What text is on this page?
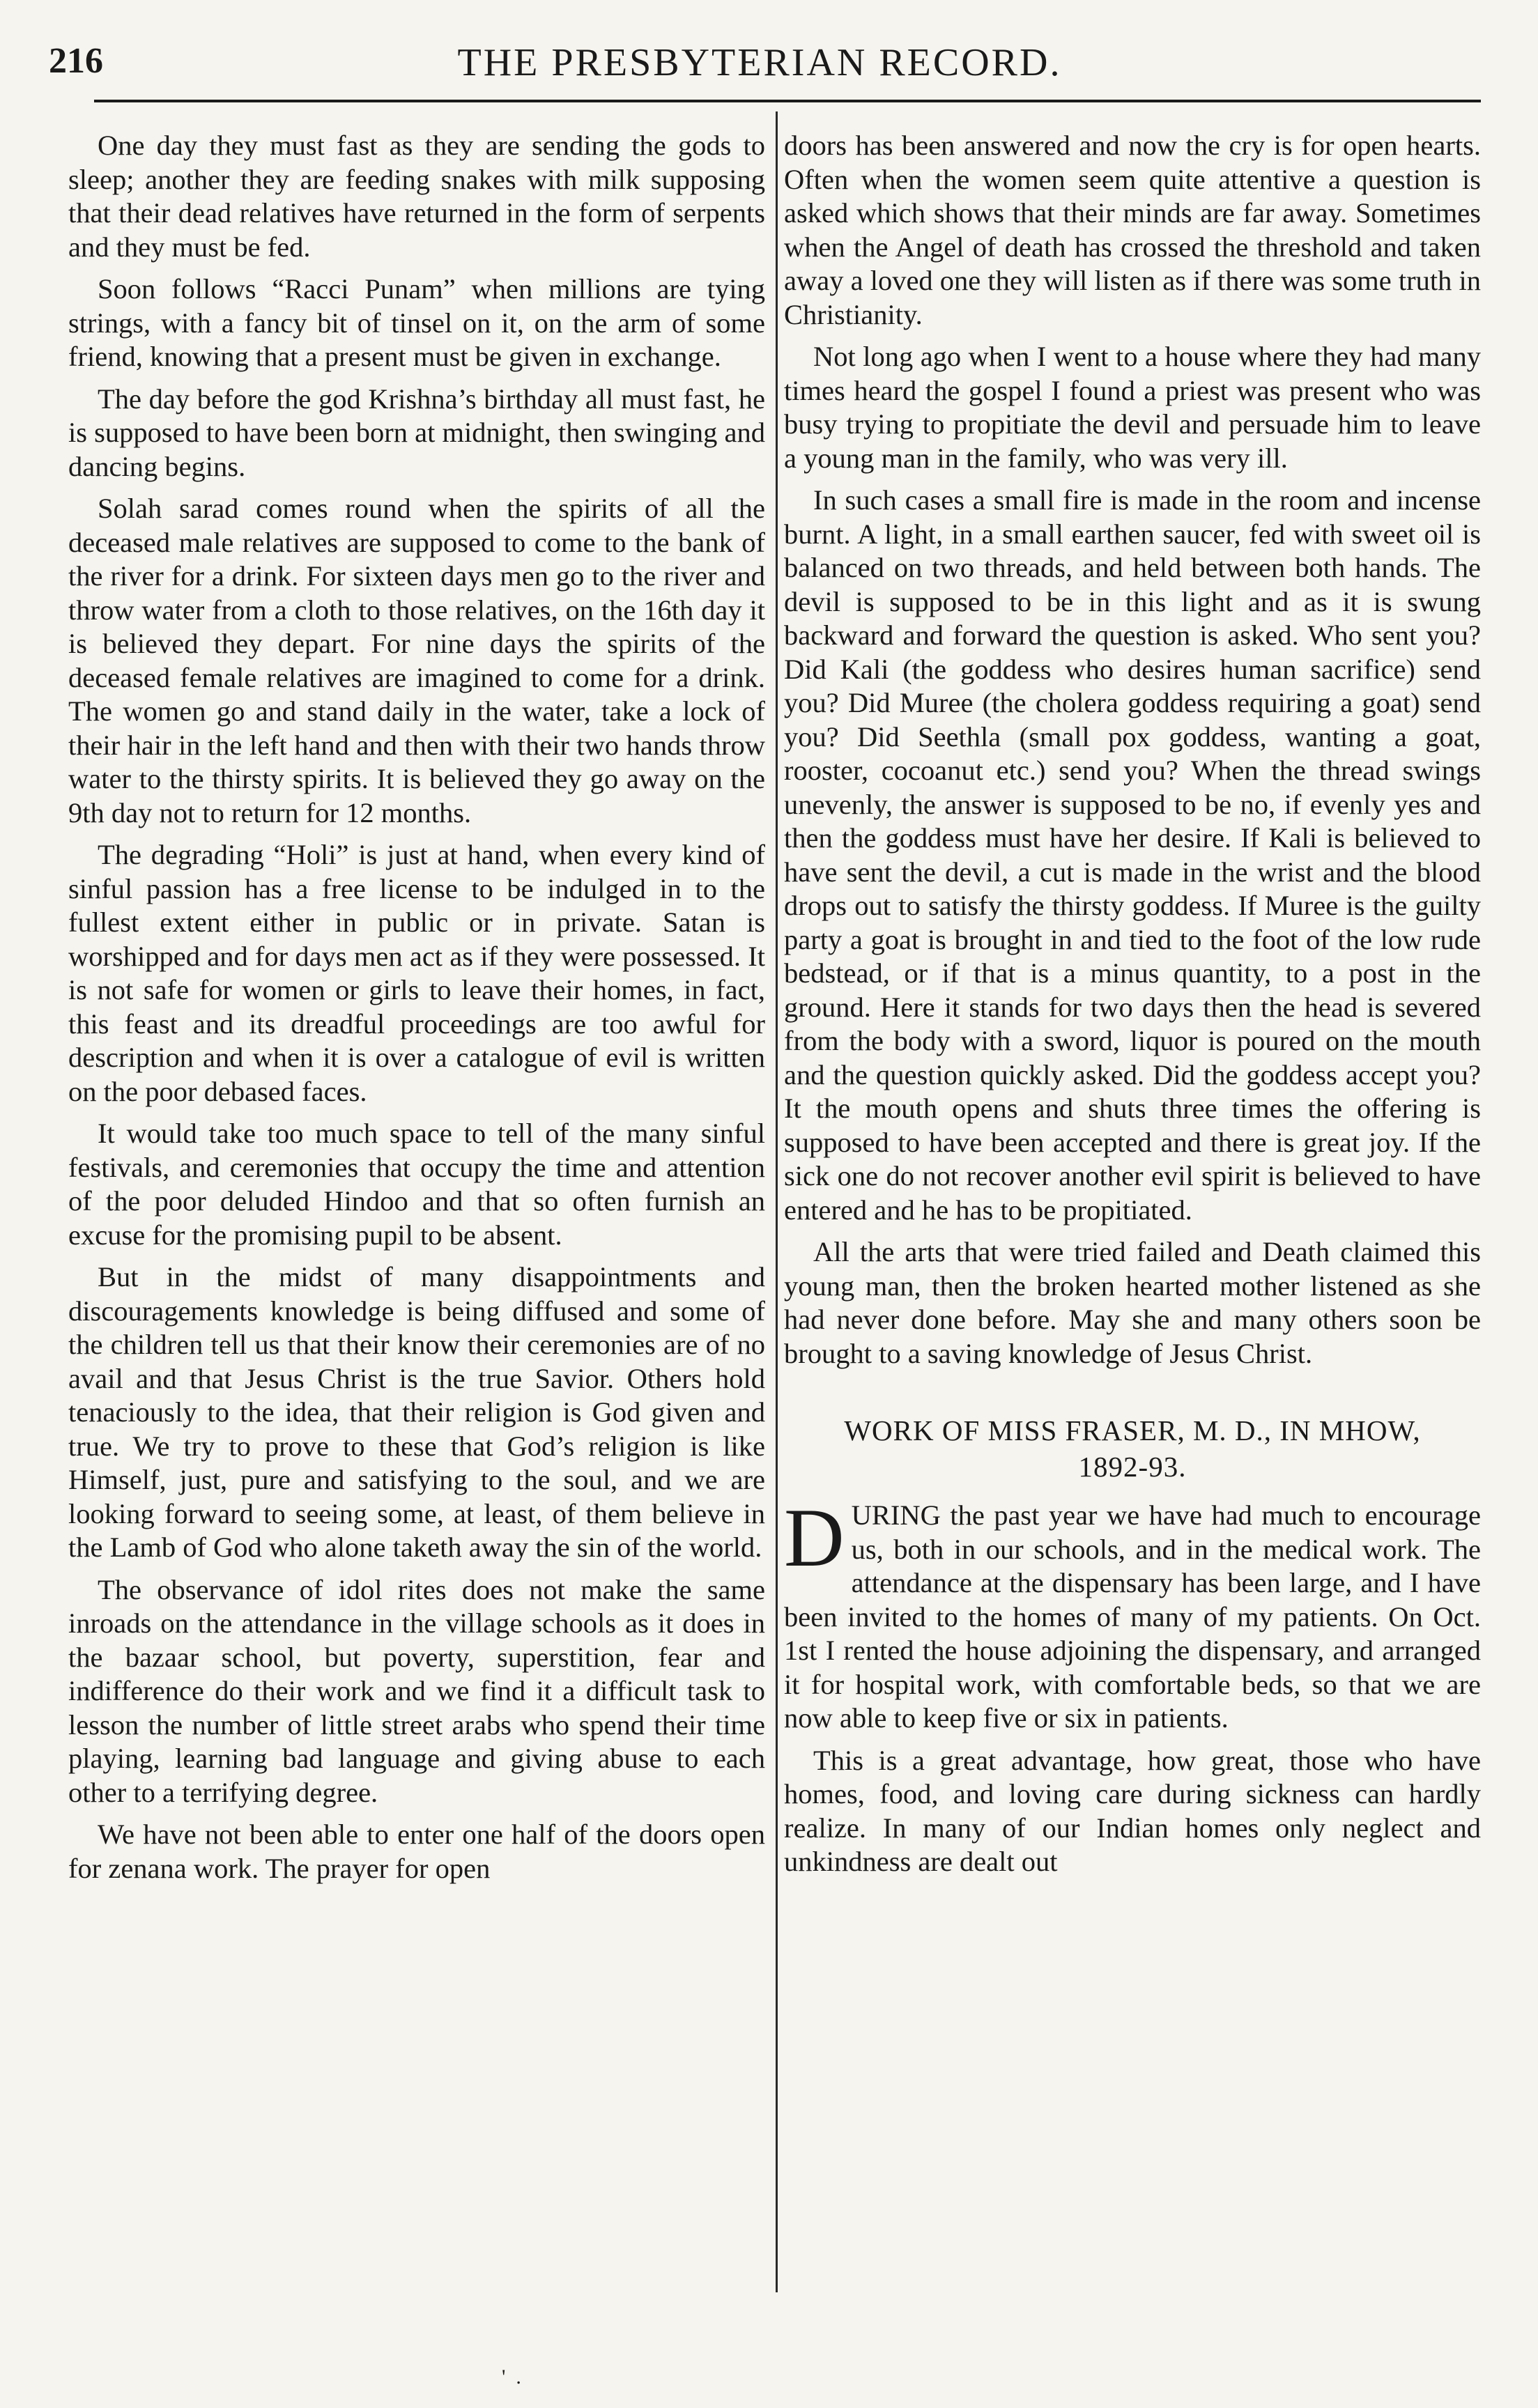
216	THE PRESBYTERIAN RECORD.

One day they must fast as they are sending the gods to sleep; another they are feeding snakes with milk supposing that their dead relatives have returned in the form of serpents and they must be fed.

Soon follows “Racci Punam” when millions are tying strings, with a fancy bit of tinsel on it, on the arm of some friend, knowing that a present must be given in exchange.

The day before the god Krishna’s birthday all must fast, he is supposed to have been born at midnight, then swinging and dancing begins.

Solah sarad comes round when the spirits of all the deceased male relatives are supposed to come to the bank of the river for a drink. For sixteen days men go to the river and throw water from a cloth to those relatives, on the 16th day it is believed they depart. For nine days the spirits of the deceased female relatives are imagined to come for a drink. The women go and stand daily in the water, take a lock of their hair in the left hand and then with their two hands throw water to the thirsty spirits. It is believed they go away on the 9th day not to return for 12 months.

The degrading “Holi” is just at hand, when every kind of sinful passion has a free license to be indulged in to the fullest extent either in public or in private. Satan is worshipped and for days men act as if they were possessed. It is not safe for women or girls to leave their homes, in fact, this feast and its dreadful proceedings are too awful for description and when it is over a catalogue of evil is written on the poor debased faces.

It would take too much space to tell of the many sinful festivals, and ceremonies that occupy the time and attention of the poor deluded Hindoo and that so often furnish an excuse for the promising pupil to be absent.

But in the midst of many disappointments and discouragements knowledge is being diffused and some of the children tell us that their know their ceremonies are of no avail and that Jesus Christ is the true Savior. Others hold tenaciously to the idea, that their religion is God given and true. We try to prove to these that God’s religion is like Himself, just, pure and satisfying to the soul, and we are looking forward to seeing some, at least, of them believe in the Lamb of God who alone taketh away the sin of the world.

The observance of idol rites does not make the same inroads on the attendance in the village schools as it does in the bazaar school, but poverty, superstition, fear and indifference do their work and we find it a difficult task to lesson the number of little street arabs who spend their time playing, learning bad language and giving abuse to each other to a terrifying degree.

We have not been able to enter one half of the doors open for zenana work. The prayer for open

doors has been answered and now the cry is for open hearts. Often when the women seem quite attentive a question is asked which shows that their minds are far away. Sometimes when the Angel of death has crossed the threshold and taken away a loved one they will listen as if there was some truth in Christianity.

Not long ago when I went to a house where they had many times heard the gospel I found a priest was present who was busy trying to propitiate the devil and persuade him to leave a young man in the family, who was very ill.

In such cases a small fire is made in the room and incense burnt. A light, in a small earthen saucer, fed with sweet oil is balanced on two threads, and held between both hands. The devil is supposed to be in this light and as it is swung backward and forward the question is asked. Who sent you? Did Kali (the goddess who desires human sacrifice) send you? Did Muree (the cholera goddess requiring a goat) send you? Did Seethla (small pox goddess, wanting a goat, rooster, cocoanut etc.) send you? When the thread swings unevenly, the answer is supposed to be no, if evenly yes and then the goddess must have her desire. If Kali is believed to have sent the devil, a cut is made in the wrist and the blood drops out to satisfy the thirsty goddess. If Muree is the guilty party a goat is brought in and tied to the foot of the low rude bedstead, or if that is a minus quantity, to a post in the ground. Here it stands for two days then the head is severed from the body with a sword, liquor is poured on the mouth and the question quickly asked. Did the goddess accept you? It the mouth opens and shuts three times the offering is supposed to have been accepted and there is great joy. If the sick one do not recover another evil spirit is believed to have entered and he has to be propitiated.

All the arts that were tried failed and Death claimed this young man, then the broken hearted mother listened as she had never done before. May she and many others soon be brought to a saving knowledge of Jesus Christ.

WORK OF MISS FRASER, M. D., IN MHOW,
1892-93.

DURING the past year we have had much to encourage us, both in our schools, and in the medical work. The attendance at the dispensary has been large, and I have been invited to the homes of many of my patients. On Oct. 1st I rented the house adjoining the dispensary, and arranged it for hospital work, with comfortable beds, so that we are now able to keep five or six in patients.

This is a great advantage, how great, those who have homes, food, and loving care during sickness can hardly realize. In many of our Indian homes only neglect and unkindness are dealt out

'  .
